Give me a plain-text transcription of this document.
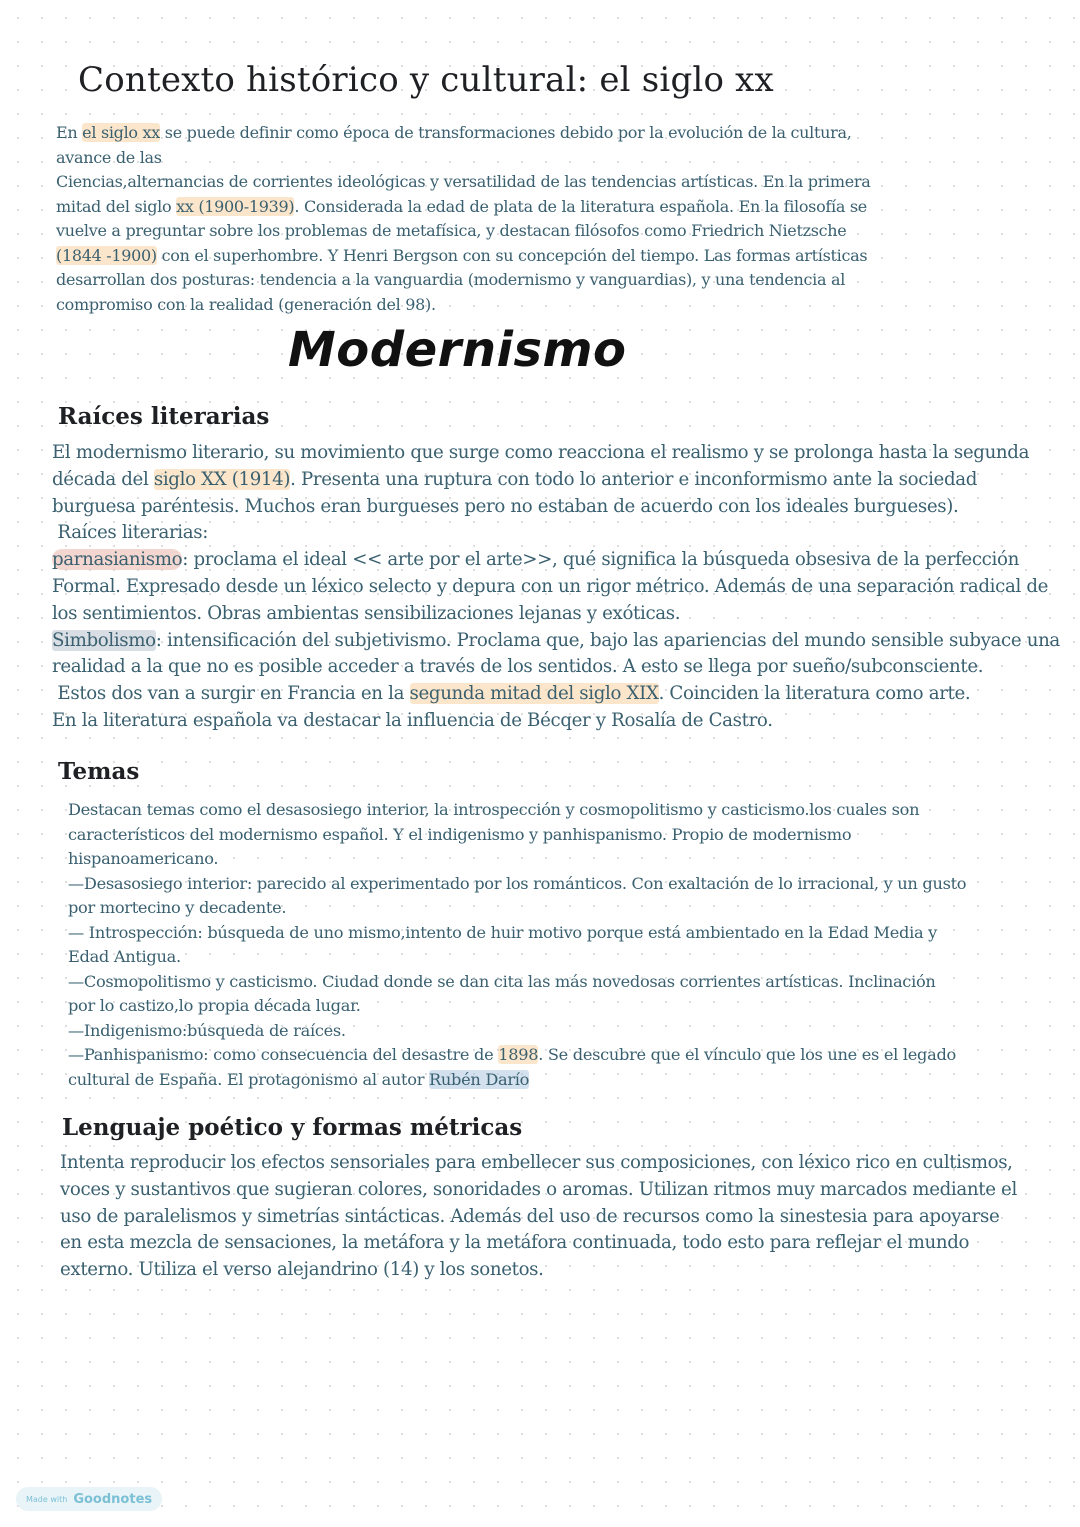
Contexto histórico y cultural: el siglo xx
En el siglo xx se puede definir como época de transformaciones debido por la evolución de la cultura,
avance de las
Ciencias,alternancias de corrientes ideológicas y versatilidad de las tendencias artísticas. En la primera
mitad del siglo xx (1900-1939). Considerada la edad de plata de la literatura española. En la filosofía se
vuelve a preguntar sobre los problemas de metafísica, y destacan filósofos como Friedrich Nietzsche
(1844 -1900) con el superhombre. Y Henri Bergson con su concepción del tiempo. Las formas artísticas
desarrollan dos posturas: tendencia a la vanguardia (modernismo y vanguardias), y una tendencia al
compromiso con la realidad (generación del 98).
Modernismo
Raíces literarias
El modernismo literario, su movimiento que surge como reacciona el realismo y se prolonga hasta la segunda
década del siglo XX (1914). Presenta una ruptura con todo lo anterior e inconformismo ante la sociedad
burguesa paréntesis. Muchos eran burgueses pero no estaban de acuerdo con los ideales burgueses).
Raíces literarias:
parnasianismo: proclama el ideal << arte por el arte>>, qué significa la búsqueda obsesiva de la perfección
Formal. Expresado desde un léxico selecto y depura con un rigor métrico. Además de una separación radical de
los sentimientos. Obras ambientas sensibilizaciones lejanas y exóticas.
Simbolismo: intensificación del subjetivismo. Proclama que, bajo las apariencias del mundo sensible subyace una
realidad a la que no es posible acceder a través de los sentidos. A esto se llega por sueño/subconsciente.
Estos dos van a surgir en Francia en la segunda mitad del siglo XIX. Coinciden la literatura como arte.
En la literatura española va destacar la influencia de Bécqer y Rosalía de Castro.
Temas
Destacan temas como el desasosiego interior, la introspección y cosmopolitismo y casticismo.los cuales son
característicos del modernismo español. Y el indigenismo y panhispanismo. Propio de modernismo
hispanoamericano.
—Desasosiego interior: parecido al experimentado por los románticos. Con exaltación de lo irracional, y un gusto
por mortecino y decadente.
— Introspección: búsqueda de uno mismo,intento de huir motivo porque está ambientado en la Edad Media y
Edad Antigua.
—Cosmopolitismo y casticismo. Ciudad donde se dan cita las más novedosas corrientes artísticas. Inclinación
por lo castizo,lo propia década lugar.
—Indigenismo:búsqueda de raíces.
—Panhispanismo: como consecuencia del desastre de 1898. Se descubre que el vínculo que los une es el legado
cultural de España. El protagonismo al autor Rubén Darío
Lenguaje poético y formas métricas
Intenta reproducir los efectos sensoriales para embellecer sus composiciones, con léxico rico en cultismos,
voces y sustantivos que sugieran colores, sonoridades o aromas. Utilizan ritmos muy marcados mediante el
uso de paralelismos y simetrías sintácticas. Además del uso de recursos como la sinestesia para apoyarse
en esta mezcla de sensaciones, la metáfora y la metáfora continuada, todo esto para reflejar el mundo
externo. Utiliza el verso alejandrino (14) y los sonetos.
Made with Goodnotes
